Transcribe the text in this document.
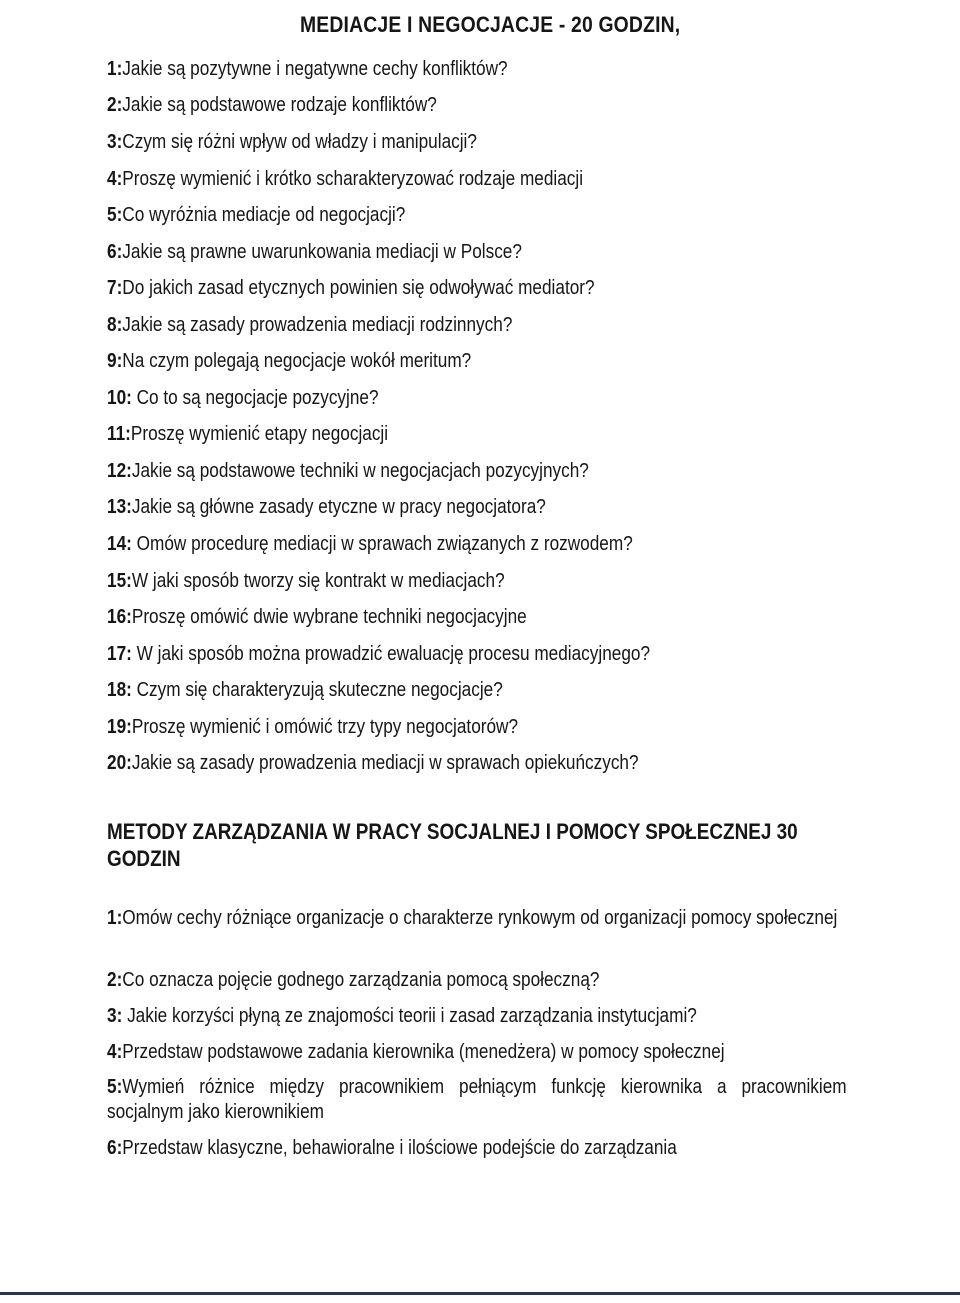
MEDIACJE I NEGOCJACJE - 20 GODZIN,
1:Jakie są pozytywne i negatywne cechy konfliktów?
2:Jakie są podstawowe rodzaje konfliktów?
3:Czym się różni wpływ od władzy i manipulacji?
4:Proszę wymienić i krótko scharakteryzować rodzaje mediacji
5:Co wyróżnia mediacje od negocjacji?
6:Jakie są prawne uwarunkowania mediacji w Polsce?
7:Do jakich zasad etycznych powinien się odwoływać mediator?
8:Jakie są zasady prowadzenia mediacji rodzinnych?
9:Na czym polegają negocjacje wokół meritum?
10: Co to są negocjacje pozycyjne?
11:Proszę wymienić etapy negocjacji
12:Jakie są podstawowe techniki w negocjacjach pozycyjnych?
13:Jakie są główne zasady etyczne w pracy negocjatora?
14: Omów procedurę mediacji w sprawach związanych z rozwodem?
15:W jaki sposób tworzy się kontrakt w mediacjach?
16:Proszę omówić dwie wybrane techniki negocjacyjne
17: W jaki sposób można prowadzić ewaluację procesu mediacyjnego?
18: Czym się charakteryzują skuteczne negocjacje?
19:Proszę wymienić i omówić trzy typy negocjatorów?
20:Jakie są zasady prowadzenia mediacji w sprawach opiekuńczych?
METODY ZARZĄDZANIA W PRACY SOCJALNEJ I POMOCY SPOŁECZNEJ 30
GODZIN
1:Omów cechy różniące organizacje o charakterze rynkowym od organizacji pomocy społecznej
2:Co oznacza pojęcie godnego zarządzania pomocą społeczną?
3: Jakie korzyści płyną ze znajomości teorii i zasad zarządzania instytucjami?
4:Przedstaw podstawowe zadania kierownika (menedżera) w pomocy społecznej
5:Wymień różnice między pracownikiem pełniącym funkcję kierownika a pracownikiem socjalnym jako kierownikiem
6:Przedstaw klasyczne, behawioralne i ilościowe podejście do zarządzania
